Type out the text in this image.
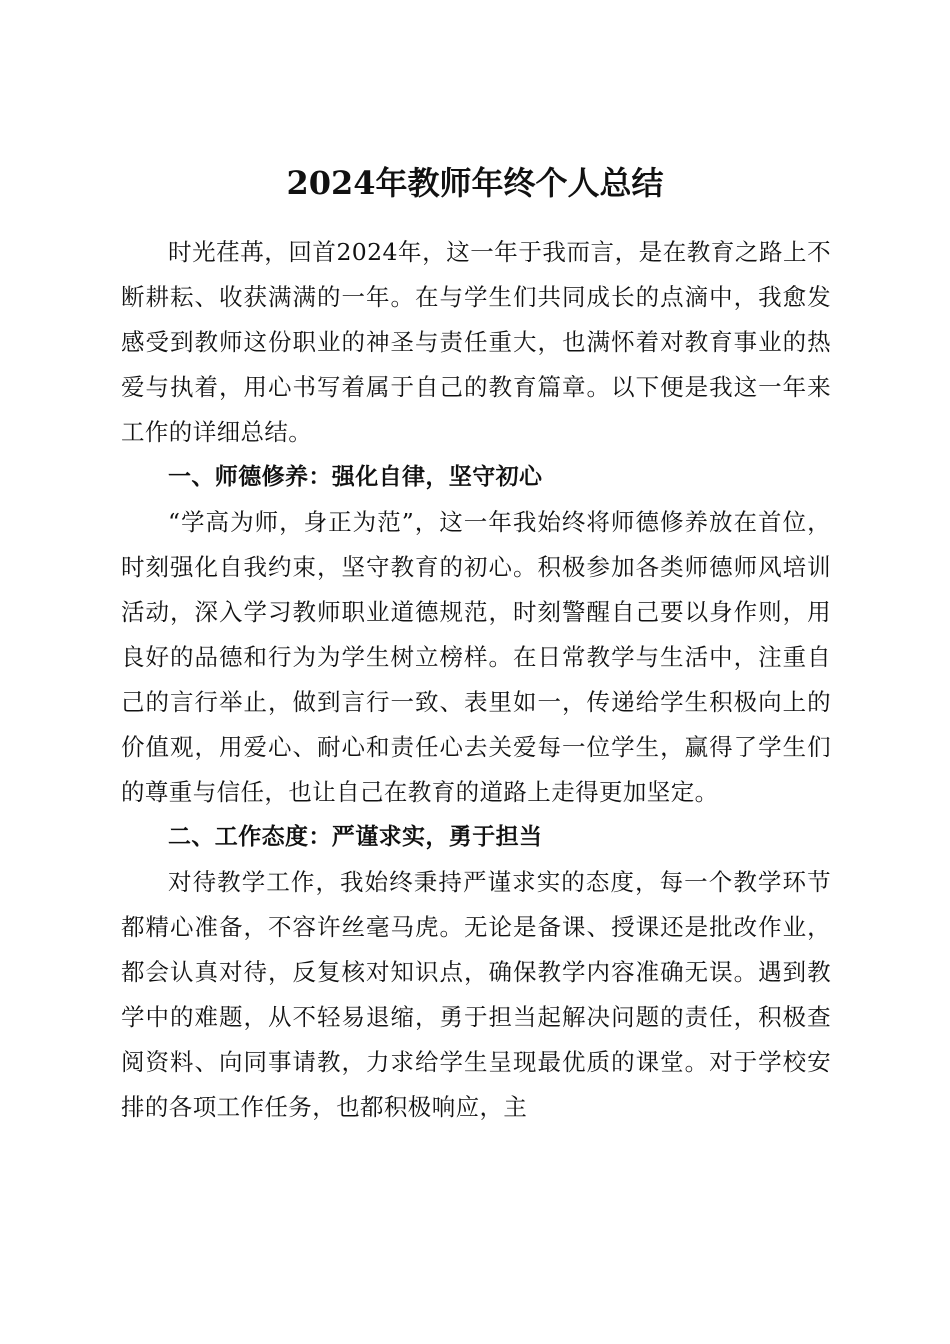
2024年教师年终个人总结

时光荏苒，回首2024年，这一年于我而言，是在教育之路上不断耕耘、收获满满的一年。在与学生们共同成长的点滴中，我愈发感受到教师这份职业的神圣与责任重大，也满怀着对教育事业的热爱与执着，用心书写着属于自己的教育篇章。以下便是我这一年来工作的详细总结。

一、师德修养：强化自律，坚守初心

“学高为师，身正为范”，这一年我始终将师德修养放在首位，时刻强化自我约束，坚守教育的初心。积极参加各类师德师风培训活动，深入学习教师职业道德规范，时刻警醒自己要以身作则，用良好的品德和行为为学生树立榜样。在日常教学与生活中，注重自己的言行举止，做到言行一致、表里如一，传递给学生积极向上的价值观，用爱心、耐心和责任心去关爱每一位学生，赢得了学生们的尊重与信任，也让自己在教育的道路上走得更加坚定。

二、工作态度：严谨求实，勇于担当

对待教学工作，我始终秉持严谨求实的态度，每一个教学环节都精心准备，不容许丝毫马虎。无论是备课、授课还是批改作业，都会认真对待，反复核对知识点，确保教学内容准确无误。遇到教学中的难题，从不轻易退缩，勇于担当起解决问题的责任，积极查阅资料、向同事请教，力求给学生呈现最优质的课堂。对于学校安排的各项工作任务，也都积极响应，主
